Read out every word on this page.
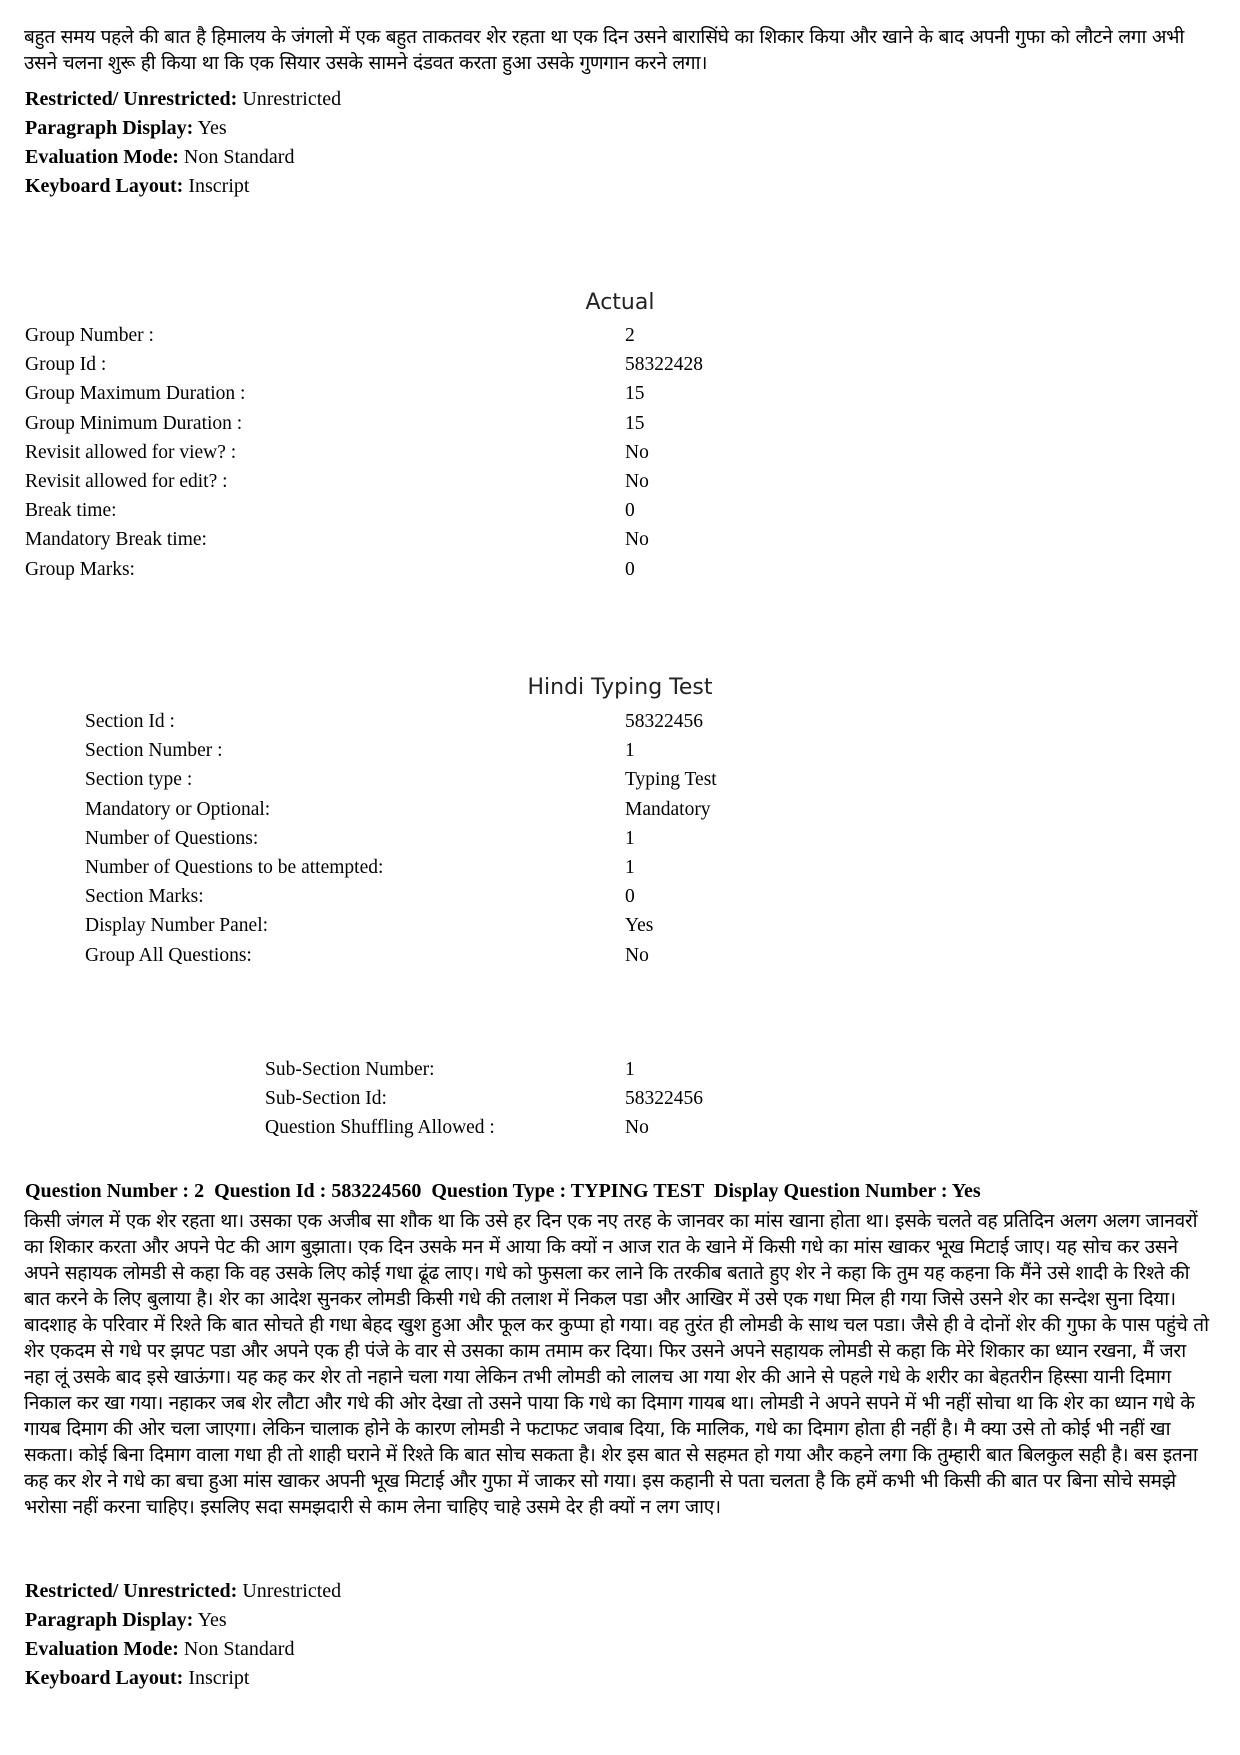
बहुत समय पहले की बात है हिमालय के जंगलो में एक बहुत ताकतवर शेर रहता था एक दिन उसने बारासिंघे का शिकार किया और खाने के बाद अपनी गुफा को लौटने लगा अभी उसने चलना शुरू ही किया था कि एक सियार उसके सामने दंडवत करता हुआ उसके गुणगान करने लगा।
Restricted/ Unrestricted: Unrestricted
Paragraph Display: Yes
Evaluation Mode: Non Standard
Keyboard Layout: Inscript
Actual
Group Number :	2
Group Id :	58322428
Group Maximum Duration :	15
Group Minimum Duration :	15
Revisit allowed for view? :	No
Revisit allowed for edit? :	No
Break time:	0
Mandatory Break time:	No
Group Marks:	0
Hindi Typing Test
Section Id :	58322456
Section Number :	1
Section type :	Typing Test
Mandatory or Optional:	Mandatory
Number of Questions:	1
Number of Questions to be attempted:	1
Section Marks:	0
Display Number Panel:	Yes
Group All Questions:	No
Sub-Section Number:	1
Sub-Section Id:	58322456
Question Shuffling Allowed :	No
Question Number : 2  Question Id : 583224560  Question Type : TYPING TEST  Display Question Number : Yes
किसी जंगल में एक शेर रहता था। उसका एक अजीब सा शौक था कि उसे हर दिन एक नए तरह के जानवर का मांस खाना होता था। इसके चलते वह प्रतिदिन अलग अलग जानवरों का शिकार करता और अपने पेट की आग बुझाता। एक दिन उसके मन में आया कि क्यों न आज रात के खाने में किसी गधे का मांस खाकर भूख मिटाई जाए। यह सोच कर उसने अपने सहायक लोमडी से कहा कि वह उसके लिए कोई गधा ढूंढ लाए। गधे को फुसला कर लाने कि तरकीब बताते हुए शेर ने कहा कि तुम यह कहना कि मैंने उसे शादी के रिश्ते की बात करने के लिए बुलाया है। शेर का आदेश सुनकर लोमडी किसी गधे की तलाश में निकल पडा और आखिर में उसे एक गधा मिल ही गया जिसे उसने शेर का सन्देश सुना दिया। बादशाह के परिवार में रिश्ते कि बात सोचते ही गधा बेहद खुश हुआ और फूल कर कुप्पा हो गया। वह तुरंत ही लोमडी के साथ चल पडा। जैसे ही वे दोनों शेर की गुफा के पास पहुंचे तो शेर एकदम से गधे पर झपट पडा और अपने एक ही पंजे के वार से उसका काम तमाम कर दिया। फिर उसने अपने सहायक लोमडी से कहा कि मेरे शिकार का ध्यान रखना, मैं जरा नहा लूं उसके बाद इसे खाऊंगा। यह कह कर शेर तो नहाने चला गया लेकिन तभी लोमडी को लालच आ गया शेर की आने से पहले गधे के शरीर का बेहतरीन हिस्सा यानी दिमाग निकाल कर खा गया। नहाकर जब शेर लौटा और गधे की ओर देखा तो उसने पाया कि गधे का दिमाग गायब था। लोमडी ने अपने सपने में भी नहीं सोचा था कि शेर का ध्यान गधे के गायब दिमाग की ओर चला जाएगा। लेकिन चालाक होने के कारण लोमडी ने फटाफट जवाब दिया, कि मालिक, गधे का दिमाग होता ही नहीं है। मै क्या उसे तो कोई भी नहीं खा सकता। कोई बिना दिमाग वाला गधा ही तो शाही घराने में रिश्ते कि बात सोच सकता है। शेर इस बात से सहमत हो गया और कहने लगा कि तुम्हारी बात बिलकुल सही है। बस इतना कह कर शेर ने गधे का बचा हुआ मांस खाकर अपनी भूख मिटाई और गुफा में जाकर सो गया। इस कहानी से पता चलता है कि हमें कभी भी किसी की बात पर बिना सोचे समझे भरोसा नहीं करना चाहिए। इसलिए सदा समझदारी से काम लेना चाहिए चाहे उसमे देर ही क्यों न लग जाए।
Restricted/ Unrestricted: Unrestricted
Paragraph Display: Yes
Evaluation Mode: Non Standard
Keyboard Layout: Inscript
